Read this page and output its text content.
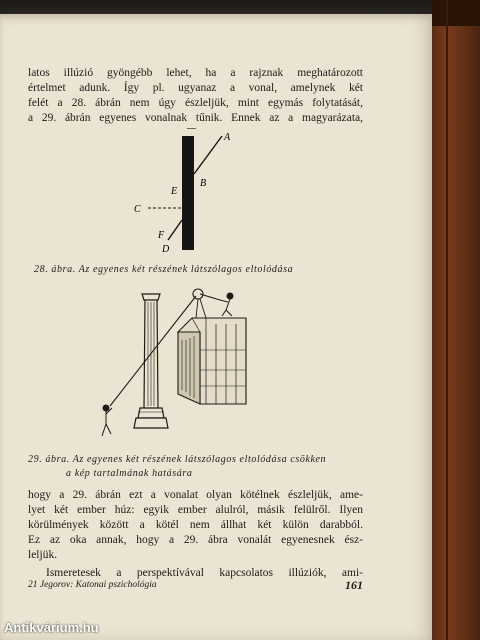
latos illúzió gyöngébb lehet, ha a rajznak meghatározott
értelmet adunk. Így pl. ugyanaz a vonal, amelynek két
felét a 28. ábrán nem úgy észleljük, mint egymás folytatását,
a 29. ábrán egyenes vonalnak tűnik. Ennek az a magyarázata,
A
B
C
E
F
D
28. ábra. Az egyenes két részének látszólagos eltolódása
29. ábra. Az egyenes két részének látszólagos eltolódása csökken
a kép tartalmának hatására
hogy a 29. ábrán ezt a vonalat olyan kötélnek észleljük, ame-
lyet két ember húz: egyik ember alulról, másik felülről. Ilyen
körülmények között a kötél nem állhat két külön darabból.
Ez az oka annak, hogy a 29. ábra vonalát egyenesnek ész-
leljük.
Ismeretesek a perspektívával kapcsolatos illúziók, ami-
21 Jegorov: Katonai pszichológia	161
Antikvárium.hu
